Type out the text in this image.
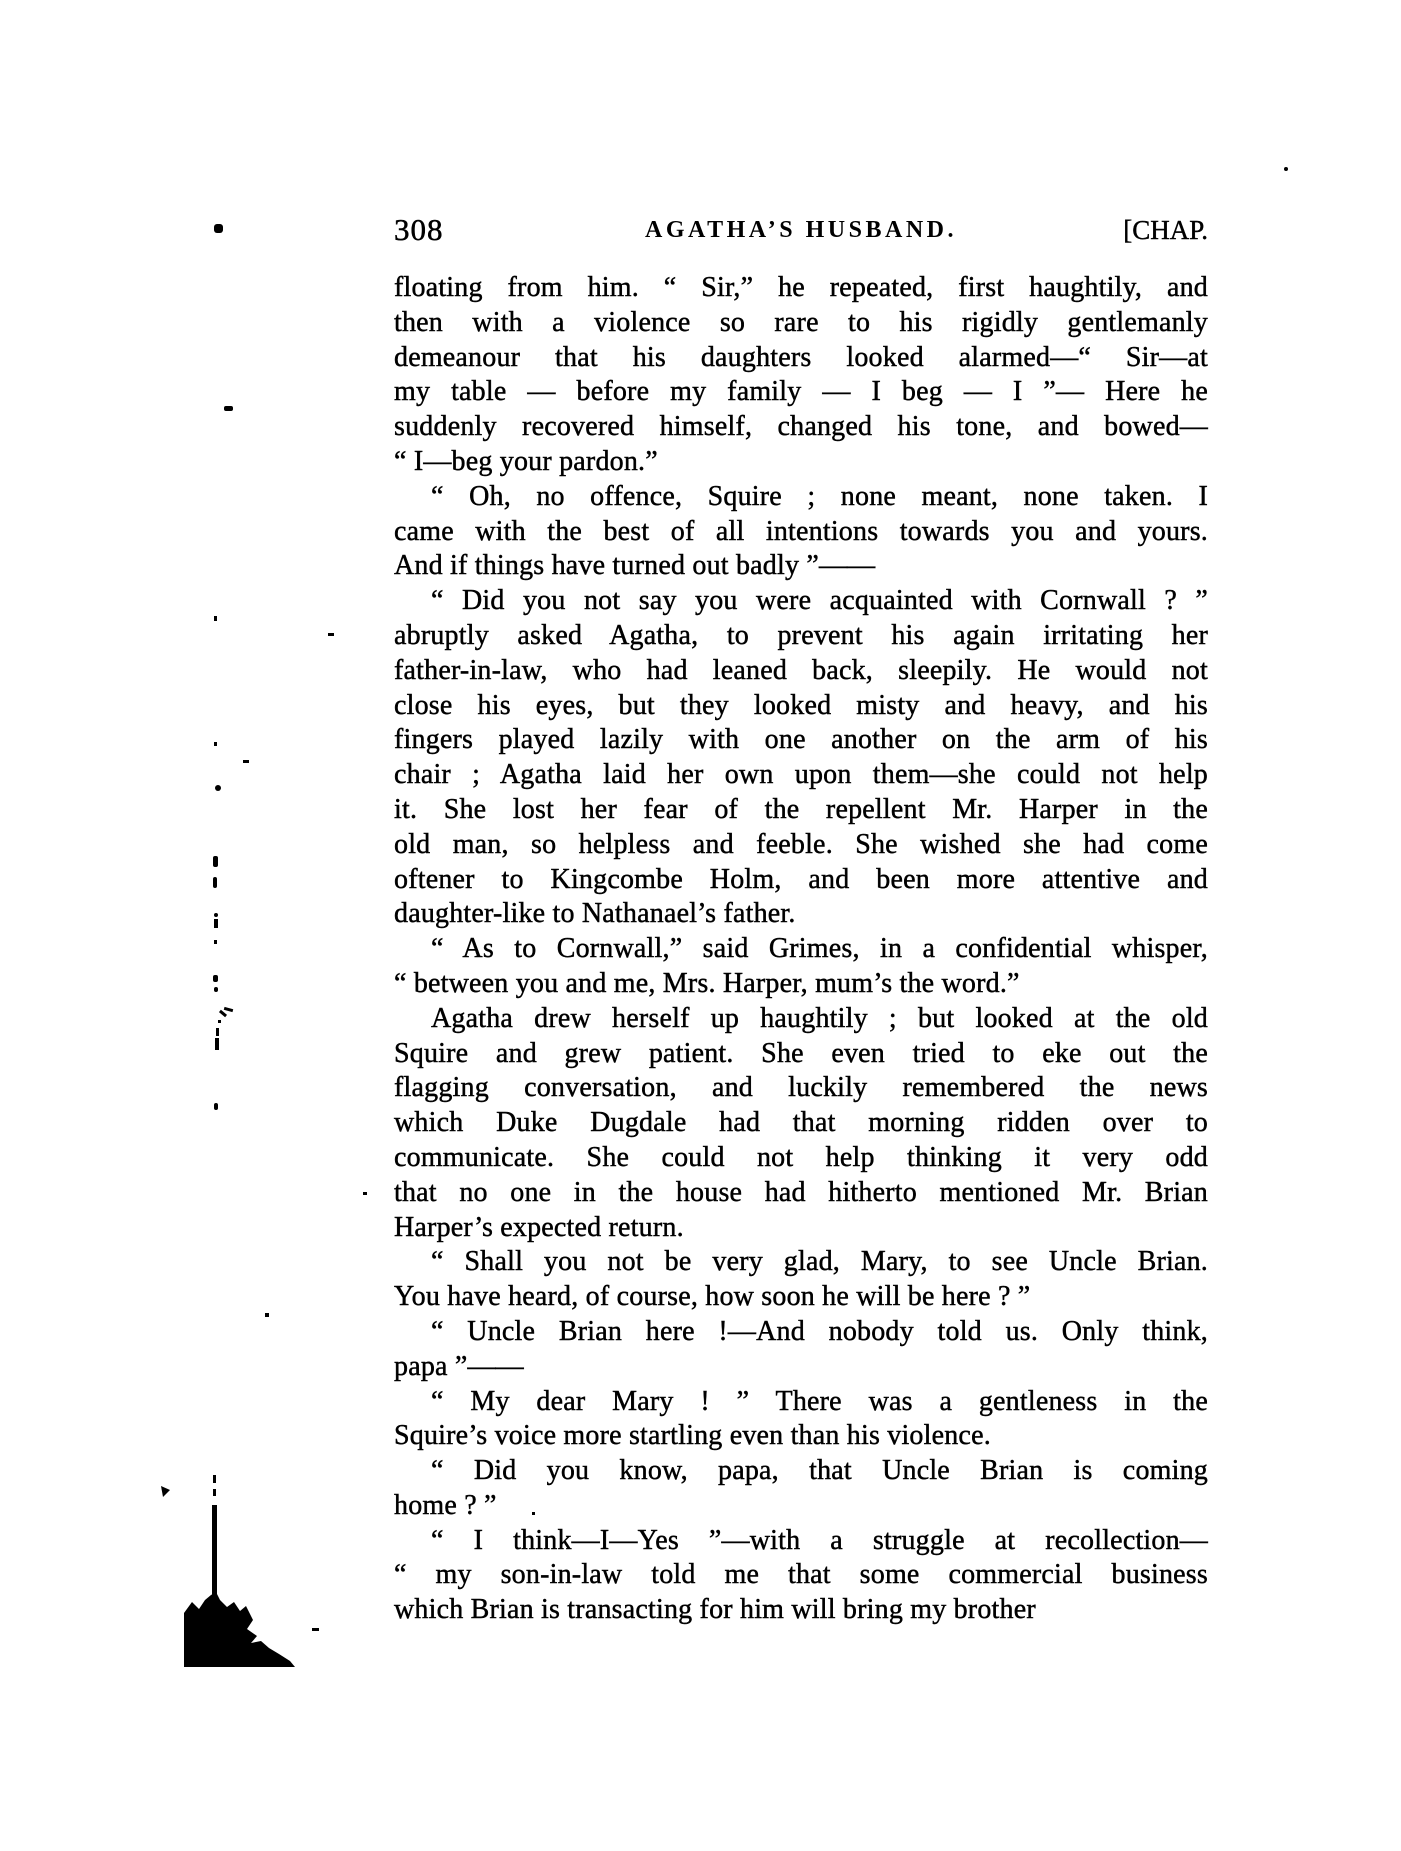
308	AGATHA’S HUSBAND.	[CHAP.
floating from him. “ Sir,” he repeated, first haughtily, and
then with a violence so rare to his rigidly gentlemanly
demeanour that his daughters looked alarmed—“ Sir—at
my table — before my family — I beg — I ”— Here he
suddenly recovered himself, changed his tone, and bowed—
“ I—beg your pardon.”
“ Oh, no offence, Squire ; none meant, none taken. I
came with the best of all intentions towards you and yours.
And if things have turned out badly ”——
“ Did you not say you were acquainted with Cornwall ? ”
abruptly asked Agatha, to prevent his again irritating her
father-in-law, who had leaned back, sleepily. He would not
close his eyes, but they looked misty and heavy, and his
fingers played lazily with one another on the arm of his
chair ; Agatha laid her own upon them—she could not help
it. She lost her fear of the repellent Mr. Harper in the
old man, so helpless and feeble. She wished she had come
oftener to Kingcombe Holm, and been more attentive and
daughter-like to Nathanael’s father.
“ As to Cornwall,” said Grimes, in a confidential whisper,
“ between you and me, Mrs. Harper, mum’s the word.”
Agatha drew herself up haughtily ; but looked at the old
Squire and grew patient. She even tried to eke out the
flagging conversation, and luckily remembered the news
which Duke Dugdale had that morning ridden over to
communicate. She could not help thinking it very odd
that no one in the house had hitherto mentioned Mr. Brian
Harper’s expected return.
“ Shall you not be very glad, Mary, to see Uncle Brian.
You have heard, of course, how soon he will be here ? ”
“ Uncle Brian here !—And nobody told us. Only think,
papa ”——
“ My dear Mary ! ” There was a gentleness in the
Squire’s voice more startling even than his violence.
“ Did you know, papa, that Uncle Brian is coming
home ? ”
“ I think—I—Yes ”—with a struggle at recollection—
“ my son-in-law told me that some commercial business
which Brian is transacting for him will bring my brother
